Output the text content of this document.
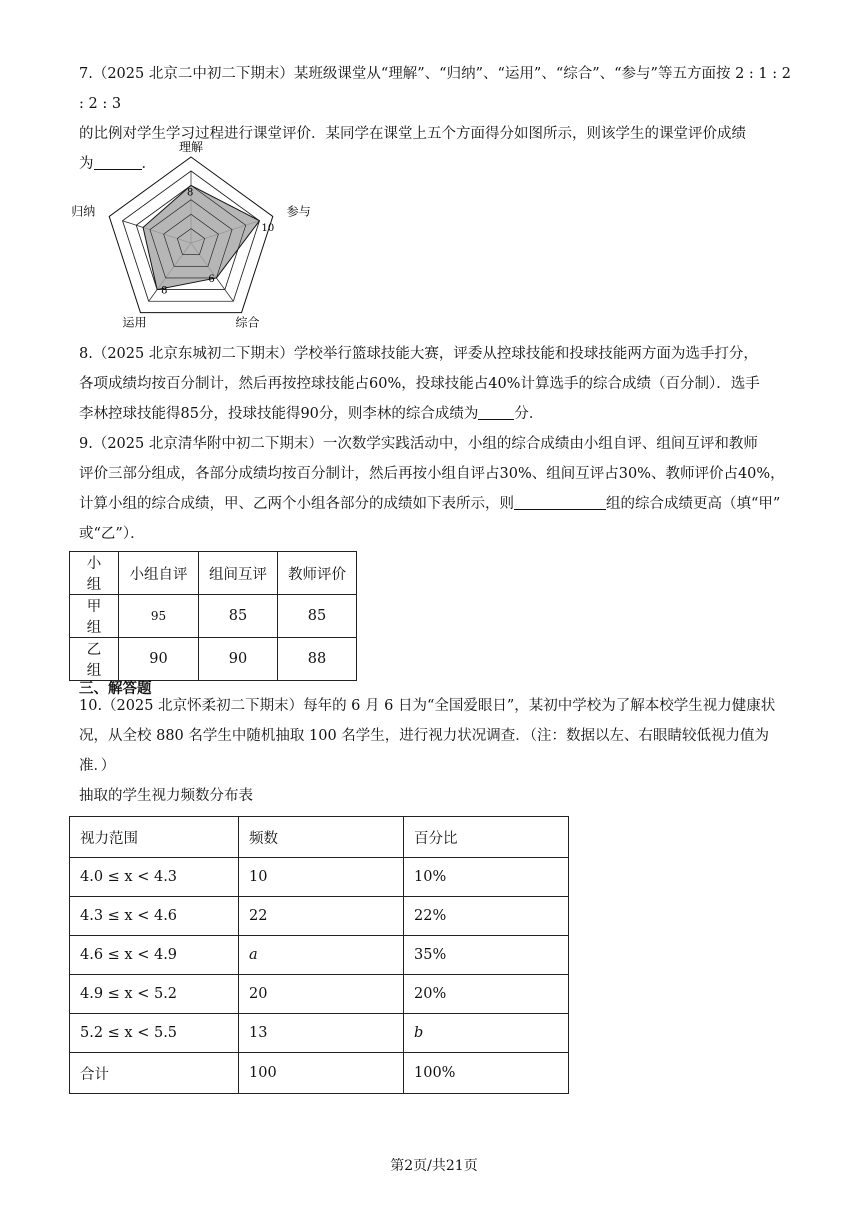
7.（2025 北京二中初二下期末）某班级课堂从“理解”、“归纳”、“运用”、“综合”、“参与”等五方面按 2 : 1 : 2 : 2 : 3
的比例对学生学习过程进行课堂评价．某同学在课堂上五个方面得分如图所示，则该学生的课堂评价成绩
为	．
理解
参与
综合
运用
归纳
8
10
6
8
8.（2025 北京东城初二下期末）学校举行篮球技能大赛，评委从控球技能和投球技能两方面为选手打分，
各项成绩均按百分制计，然后再按控球技能占60%，投球技能占40%计算选手的综合成绩（百分制）．选手
李林控球技能得85分，投球技能得90分，则李林的综合成绩为 分．
9.（2025 北京清华附中初二下期末）一次数学实践活动中，小组的综合成绩由小组自评、组间互评和教师
评价三部分组成，各部分成绩均按百分制计，然后再按小组自评占30%、组间互评占30%、教师评价占40%，
计算小组的综合成绩，甲、乙两个小组各部分的成绩如下表所示，则	组的综合成绩更高（填“甲”
或“乙”）．
小组	小组自评	组间互评	教师评价
甲组	95	85	85
乙组	90	90	88
三、解答题
10.（2025 北京怀柔初二下期末）每年的 6 月 6 日为“全国爱眼日”，某初中学校为了解本校学生视力健康状
况，从全校 880 名学生中随机抽取 100 名学生，进行视力状况调查．（注：数据以左、右眼睛较低视力值为
准．）
抽取的学生视力频数分布表
视力范围	频数	百分比
4.0 ≤ x < 4.3	10	10%
4.3 ≤ x < 4.6	22	22%
4.6 ≤ x < 4.9	a	35%
4.9 ≤ x < 5.2	20	20%
5.2 ≤ x < 5.5	13	b
合计	100	100%
第2页/共21页
